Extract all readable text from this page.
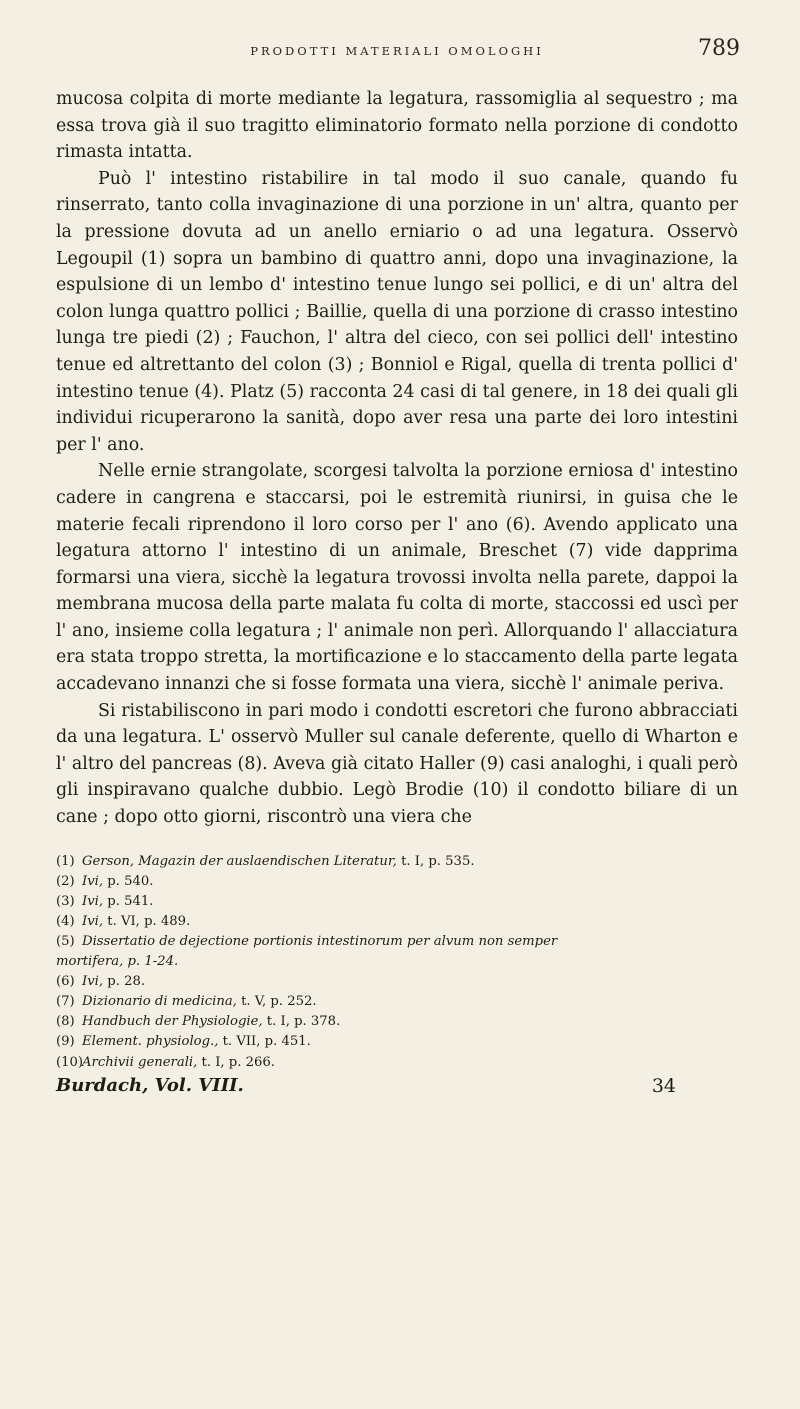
PRODOTTI MATERIALI OMOLOGHI	789

mucosa colpita di morte mediante la legatura, rassomiglia al sequestro ; ma essa trova già il suo tragitto eliminatorio formato nella porzione di condotto rimasta intatta.

Può l' intestino ristabilire in tal modo il suo canale, quando fu rinserrato, tanto colla invaginazione di una porzione in un' altra, quanto per la pressione dovuta ad un anello erniario o ad una legatura. Osservò Legoupil (1) sopra un bambino di quattro anni, dopo una invaginazione, la espulsione di un lembo d' intestino tenue lungo sei pollici, e di un' altra del colon lunga quattro pollici ; Baillie, quella di una porzione di crasso intestino lunga tre piedi (2) ; Fauchon, l' altra del cieco, con sei pollici dell' intestino tenue ed altrettanto del colon (3) ; Bonniol e Rigal, quella di trenta pollici d' intestino tenue (4). Platz (5) racconta 24 casi di tal genere, in 18 dei quali gli individui ricuperarono la sanità, dopo aver resa una parte dei loro intestini per l' ano.

Nelle ernie strangolate, scorgesi talvolta la porzione erniosa d' intestino cadere in cangrena e staccarsi, poi le estremità riunirsi, in guisa che le materie fecali riprendono il loro corso per l' ano (6). Avendo applicato una legatura attorno l' intestino di un animale, Breschet (7) vide dapprima formarsi una viera, sicchè la legatura trovossi involta nella parete, dappoi la membrana mucosa della parte malata fu colta di morte, staccossi ed uscì per l' ano, insieme colla legatura ; l' animale non perì. Allorquando l' allacciatura era stata troppo stretta, la mortificazione e lo staccamento della parte legata accadevano innanzi che si fosse formata una viera, sicchè l' animale periva.

Si ristabiliscono in pari modo i condotti escretori che furono abbracciati da una legatura. L' osservò Muller sul canale deferente, quello di Wharton e l' altro del pancreas (8). Aveva già citato Haller (9) casi analoghi, i quali però gli inspiravano qualche dubbio. Legò Brodie (10) il condotto biliare di un cane ; dopo otto giorni, riscontrò una viera che

(1) Gerson, Magazin der auslaendischen Literatur, t. I, p. 535.
(2) Ivi, p. 540.
(3) Ivi, p. 541.
(4) Ivi, t. VI, p. 489.
(5) Dissertatio de dejectione portionis intestinorum per alvum non semper
mortifera, p. 1-24.
(6) Ivi, p. 28.
(7) Dizionario di medicina, t. V, p. 252.
(8) Handbuch der Physiologie, t. I, p. 378.
(9) Element. physiolog., t. VII, p. 451.
(10)Archivii generali, t. I, p. 266.
Burdach, Vol. VIII.	34
